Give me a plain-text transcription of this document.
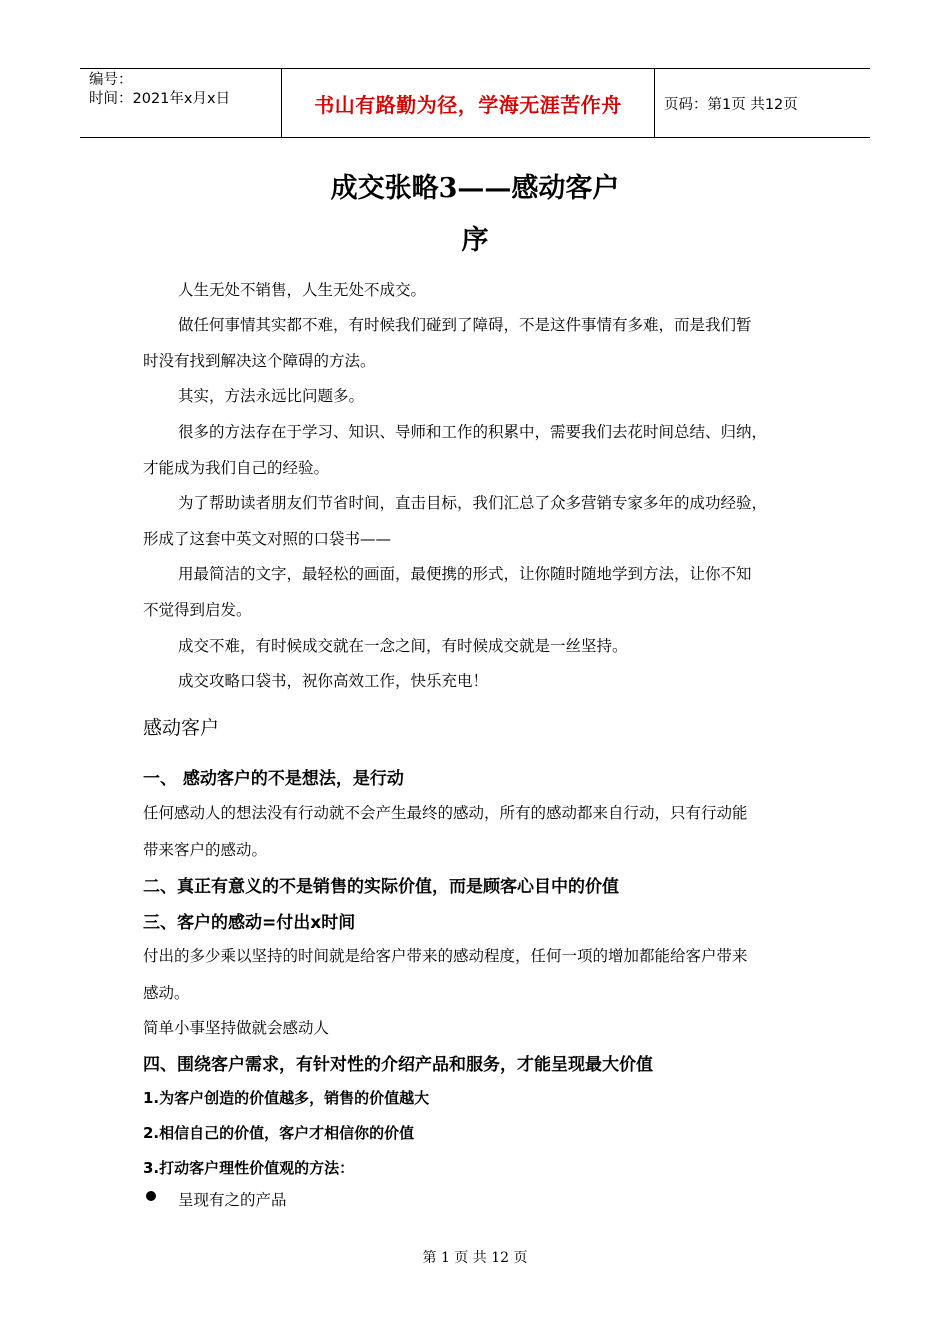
编号：
时间：2021年x月x日	书山有路勤为径，学海无涯苦作舟	页码：第1页 共12页
成交张略3——感动客户
序
人生无处不销售，人生无处不成交。
做任何事情其实都不难，有时候我们碰到了障碍，不是这件事情有多难，而是我们暂
时没有找到解决这个障碍的方法。
其实，方法永远比问题多。
很多的方法存在于学习、知识、导师和工作的积累中，需要我们去花时间总结、归纳，
才能成为我们自己的经验。
为了帮助读者朋友们节省时间，直击目标，我们汇总了众多营销专家多年的成功经验，
形成了这套中英文对照的口袋书——
用最简洁的文字，最轻松的画面，最便携的形式，让你随时随地学到方法，让你不知
不觉得到启发。
成交不难，有时候成交就在一念之间，有时候成交就是一丝坚持。
成交攻略口袋书，祝你高效工作，快乐充电！
感动客户
一、 感动客户的不是想法，是行动
任何感动人的想法没有行动就不会产生最终的感动，所有的感动都来自行动，只有行动能
带来客户的感动。
二、真正有意义的不是销售的实际价值，而是顾客心目中的价值
三、客户的感动=付出x时间
付出的多少乘以坚持的时间就是给客户带来的感动程度，任何一项的增加都能给客户带来
感动。
简单小事坚持做就会感动人
四、围绕客户需求，有针对性的介绍产品和服务，才能呈现最大价值
1.为客户创造的价值越多，销售的价值越大
2.相信自己的价值，客户才相信你的价值
3.打动客户理性价值观的方法：
呈现有之的产品
第 1 页 共 12 页
